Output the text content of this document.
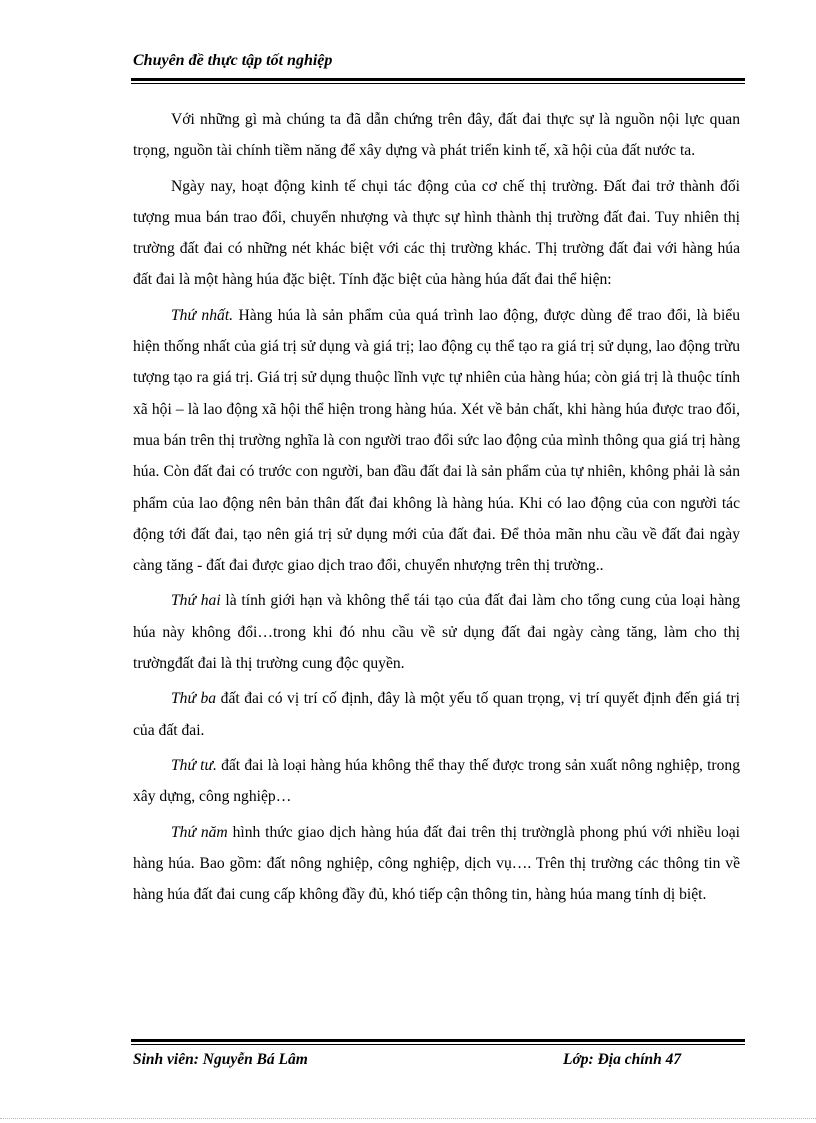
Chuyên đề thực tập tốt nghiệp

Với những gì mà chúng ta đã dẫn chứng trên đây, đất đai thực sự là nguồn nội lực quan trọng, nguồn tài chính tiềm năng để xây dựng và phát triển kinh tế, xã hội của đất nước ta.

Ngày nay, hoạt động kinh tế chụi tác động của cơ chế thị trường. Đất đai trở thành đối tượng mua bán trao đổi, chuyển nhượng và thực sự hình thành thị trường đất đai. Tuy nhiên thị trường đất đai có những nét khác biệt với các thị trường khác. Thị trường đất đai với hàng húa đất đai là một hàng húa đặc biệt. Tính đặc biệt của hàng húa đất đai thể hiện:

Thứ nhất. Hàng húa là sản phẩm của quá trình lao động, được dùng để trao đổi, là biểu hiện thống nhất của giá trị sử dụng và giá trị; lao động cụ thể tạo ra giá trị sử dụng, lao động trừu tượng tạo ra giá trị. Giá trị sử dụng thuộc lĩnh vực tự nhiên của hàng húa; còn giá trị là thuộc tính xã hội – là lao động xã hội thể hiện trong hàng húa. Xét về bản chất, khi hàng húa được trao đổi, mua bán trên thị trường nghĩa là con người trao đổi sức lao động của mình thông qua giá trị hàng húa. Còn đất đai có trước con người, ban đầu đất đai là sản phẩm của tự nhiên, không phải là sản phẩm của lao động nên bản thân đất đai không là hàng húa. Khi có lao động của con người tác động tới đất đai, tạo nên giá trị sử dụng mới của đất đai. Để thỏa mãn nhu cầu về đất đai ngày càng tăng - đất đai được giao dịch trao đổi, chuyển nhượng trên thị trường..

Thứ hai là tính giới hạn và không thể tái tạo của đất đai làm cho tổng cung của loại hàng húa này không đổi…trong khi đó nhu cầu về sử dụng đất đai ngày càng tăng, làm cho thị trườngđất đai là thị trường cung độc quyền.

Thứ ba đất đai có vị trí cố định, đây là một yếu tố quan trọng, vị trí quyết định đến giá trị của đất đai.

Thứ tư. đất đai là loại hàng húa không thể thay thế được trong sản xuất nông nghiệp, trong xây dựng, công nghiệp…

Thứ năm hình thức giao dịch hàng húa đất đai trên thị trườnglà phong phú với nhiều loại hàng húa. Bao gồm: đất nông nghiệp, công nghiệp, dịch vụ…. Trên thị trường các thông tin về hàng húa đất đai cung cấp không đầy đủ, khó tiếp cận thông tin, hàng húa mang tính dị biệt.

Sinh viên: Nguyễn Bá Lâm	Lớp: Địa chính 47
